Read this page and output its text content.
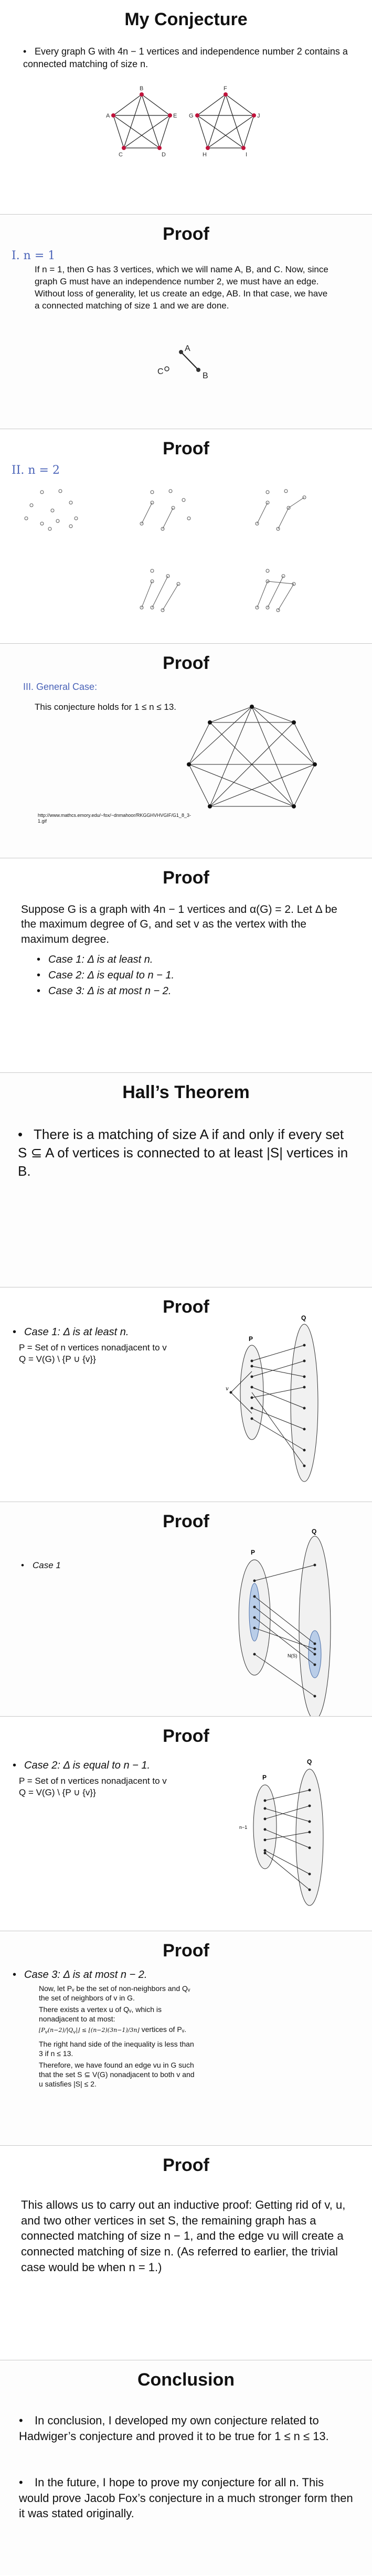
My Conjecture
• Every graph G with 4n − 1 vertices and independence number 2 contains a connected matching of size n.
B
E
D
C
A
F
J
I
H
G
Proof
I. n = 1
If n = 1, then G has 3 vertices, which we will name A, B, and C. Now, since graph G must have an independence number 2, we must have an edge. Without loss of generality, let us create an edge, AB. In that case, we have a connected matching of size 1 and we are done.
A
B
C
Proof
II. n = 2
Proof
III. General Case:
This conjecture holds for 1 ≤ n ≤ 13.
http://www.mathcs.emory.edu/~fox/~dnmahoor/RKGGHVHVGIF/G1_8_3-1.gif
Proof
Suppose G is a graph with 4n − 1 vertices and α(G) = 2. Let Δ be the maximum degree of G, and set v as the vertex with the maximum degree.
• Case 1: Δ is at least n.
• Case 2: Δ is equal to n − 1.
• Case 3: Δ is at most n − 2.
Hall’s Theorem
• There is a matching of size A if and only if every set S ⊆ A of vertices is connected to at least |S| vertices in B.
Proof
• Case 1: Δ is at least n.
P = Set of n vertices nonadjacent to v
Q = V(G) \ {P ∪ {v}}
P
Q
v
Proof
• Case 1
P
Q
N(S)
Proof
• Case 2: Δ is equal to n − 1.
P = Set of n vertices nonadjacent to v
Q = V(G) \ {P ∪ {v}}
P
Q
n−1
Proof
• Case 3: Δ is at most n − 2.
Now, let Pᵥ be the set of non-neighbors and Qᵥ the set of neighbors of v in G.
There exists a vertex u of Qᵥ, which is nonadjacent to at most:
$⌊P_v(n-2)/|Q_v|⌋$ ≤ ⌊(n−2)(3n−1)/3n⌋ vertices of Pᵥ.
The right hand side of the inequality is less than 3 if n ≤ 13.
Therefore, we have found an edge vu in G such that the set S ⊆ V(G) nonadjacent to both v and u satisfies |S| ≤ 2.
Proof
This allows us to carry out an inductive proof: Getting rid of v, u, and two other vertices in set S, the remaining graph has a connected matching of size n − 1, and the edge vu will create a connected matching of size n. (As referred to earlier, the trivial case would be when n = 1.)
Conclusion
• In conclusion, I developed my own conjecture related to Hadwiger’s conjecture and proved it to be true for 1 ≤ n ≤ 13.
• In the future, I hope to prove my conjecture for all n. This would prove Jacob Fox’s conjecture in a much stronger form then it was stated originally.
